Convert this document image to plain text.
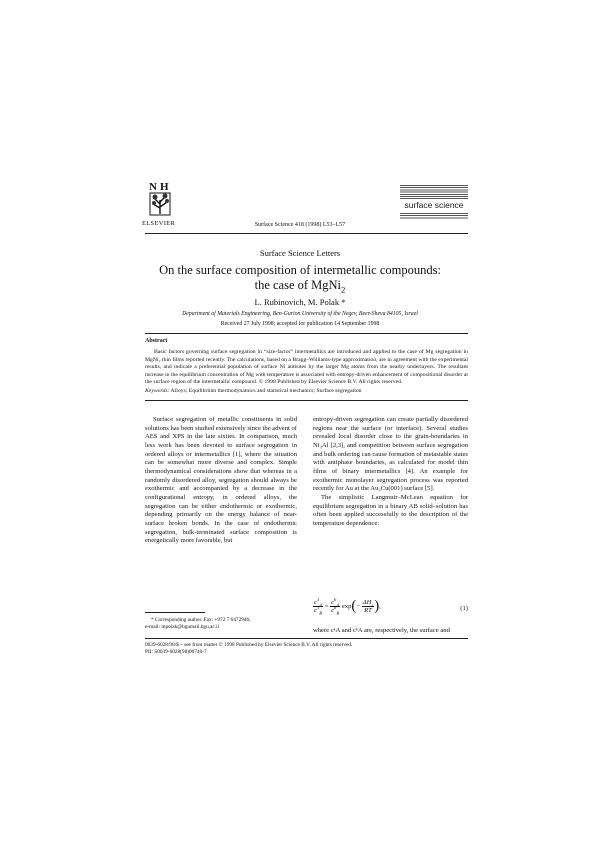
N H
ELSEVIER	Surface Science 418 (1998) L53–L57
surface science
Surface Science Letters
On the surface composition of intermetallic compounds:
the case of MgNi$_2$
L. Rubinovich, M. Polak *
Department of Materials Engineering, Ben-Gurion University of the Negev, Beer-Sheva 84105, Israel
Received 27 July 1998; accepted for publication 14 September 1998
Abstract
Basic factors governing surface segregation in “size-factor” intermetallics are introduced and applied to the case of Mg segregation in MgNi₂ thin films reported recently. The calculations, based on a Bragg–Williams-type approximation, are in agreement with the experimental results, and indicate a preferential population of surface Ni antisites by the larger Mg atoms from the nearby underlayers. The resultant increase in the equilibrium concentration of Mg with temperature is associated with entropy-driven enhancement of compositional disorder at the surface region of the intermetallic compound. © 1998 Published by Elsevier Science B.V. All rights reserved.
Keywords: Alloys; Equilibrium thermodynamics and statistical mechanics; Surface segregation

Surface segregation of metallic constituents in solid solutions has been studied extensively since the advent of AES and XPS in the late sixties. In comparison, much less work has been devoted to surface segregation in ordered alloys or intermetallics [1], where the situation can be somewhat more diverse and complex. Simple thermodynamical considerations show that whereas in a randomly disordered alloy, segregation should always be exothermic and accompanied by a decrease in the configurational entropy, in ordered alloys, the segregation can be either endothermic or exothermic, depending primarily on the energy balance of near-surface broken bonds. In the case of endothermic segregation, bulk-terminated surface composition is energetically more favorable, but

entropy-driven segregation can create partially disordered regions near the surface (or interface). Several studies revealed local disorder close to the grain-boundaries in Ni₃Al [2,3], and competition between surface segregation and bulk ordering can cause formation of metastable states with antiphase boundaries, as calculated for model thin films of binary intermetallics [4]. An example for exothermic monolayer segregation process was reported recently for Au at the Au₃Cu(001) surface [5].

The simplistic Langmuir–McLean equation for equilibrium segregation in a binary AB solid–solution has often been applied successfully to the description of the temperature dependence:

$\frac{c^1_A}{c^1_B} = \frac{c^b_A}{c^b_B} \exp(- \frac{\Delta H_s}{RT}$ ),	(1)
where c¹A and cᵇA are, respectively, the surface and

* Corresponding author. Fax: +972 7 6472946;

e-mail: mpolak@bgumail.bgu.ac.il

0039-6028/98/$ – see front matter © 1998 Published by Elsevier Science B.V. All rights reserved.

PII: S0039-6028(98)00740-7
